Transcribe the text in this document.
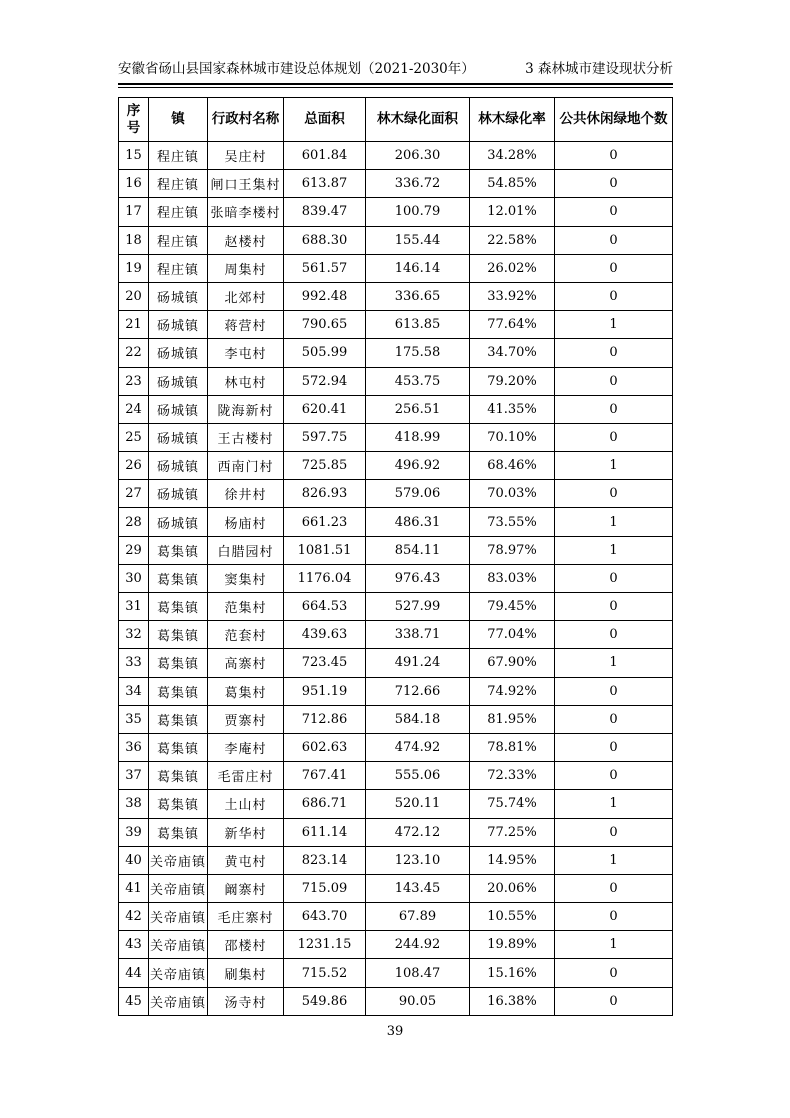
安徽省砀山县国家森林城市建设总体规划（2021-2030年）	3 森林城市建设现状分析
序号	镇	行政村名称	总面积	林木绿化面积	林木绿化率	公共休闲绿地个数
15	程庄镇	吴庄村	601.84	206.30	34.28%	0
16	程庄镇	闸口王集村	613.87	336.72	54.85%	0
17	程庄镇	张暗李楼村	839.47	100.79	12.01%	0
18	程庄镇	赵楼村	688.30	155.44	22.58%	0
19	程庄镇	周集村	561.57	146.14	26.02%	0
20	砀城镇	北郊村	992.48	336.65	33.92%	0
21	砀城镇	蒋营村	790.65	613.85	77.64%	1
22	砀城镇	李屯村	505.99	175.58	34.70%	0
23	砀城镇	林屯村	572.94	453.75	79.20%	0
24	砀城镇	陇海新村	620.41	256.51	41.35%	0
25	砀城镇	王古楼村	597.75	418.99	70.10%	0
26	砀城镇	西南门村	725.85	496.92	68.46%	1
27	砀城镇	徐井村	826.93	579.06	70.03%	0
28	砀城镇	杨庙村	661.23	486.31	73.55%	1
29	葛集镇	白腊园村	1081.51	854.11	78.97%	1
30	葛集镇	窦集村	1176.04	976.43	83.03%	0
31	葛集镇	范集村	664.53	527.99	79.45%	0
32	葛集镇	范套村	439.63	338.71	77.04%	0
33	葛集镇	高寨村	723.45	491.24	67.90%	1
34	葛集镇	葛集村	951.19	712.66	74.92%	0
35	葛集镇	贾寨村	712.86	584.18	81.95%	0
36	葛集镇	李庵村	602.63	474.92	78.81%	0
37	葛集镇	毛雷庄村	767.41	555.06	72.33%	0
38	葛集镇	土山村	686.71	520.11	75.74%	1
39	葛集镇	新华村	611.14	472.12	77.25%	0
40	关帝庙镇	黄屯村	823.14	123.10	14.95%	1
41	关帝庙镇	阚寨村	715.09	143.45	20.06%	0
42	关帝庙镇	毛庄寨村	643.70	67.89	10.55%	0
43	关帝庙镇	邵楼村	1231.15	244.92	19.89%	1
44	关帝庙镇	刷集村	715.52	108.47	15.16%	0
45	关帝庙镇	汤寺村	549.86	90.05	16.38%	0
39
